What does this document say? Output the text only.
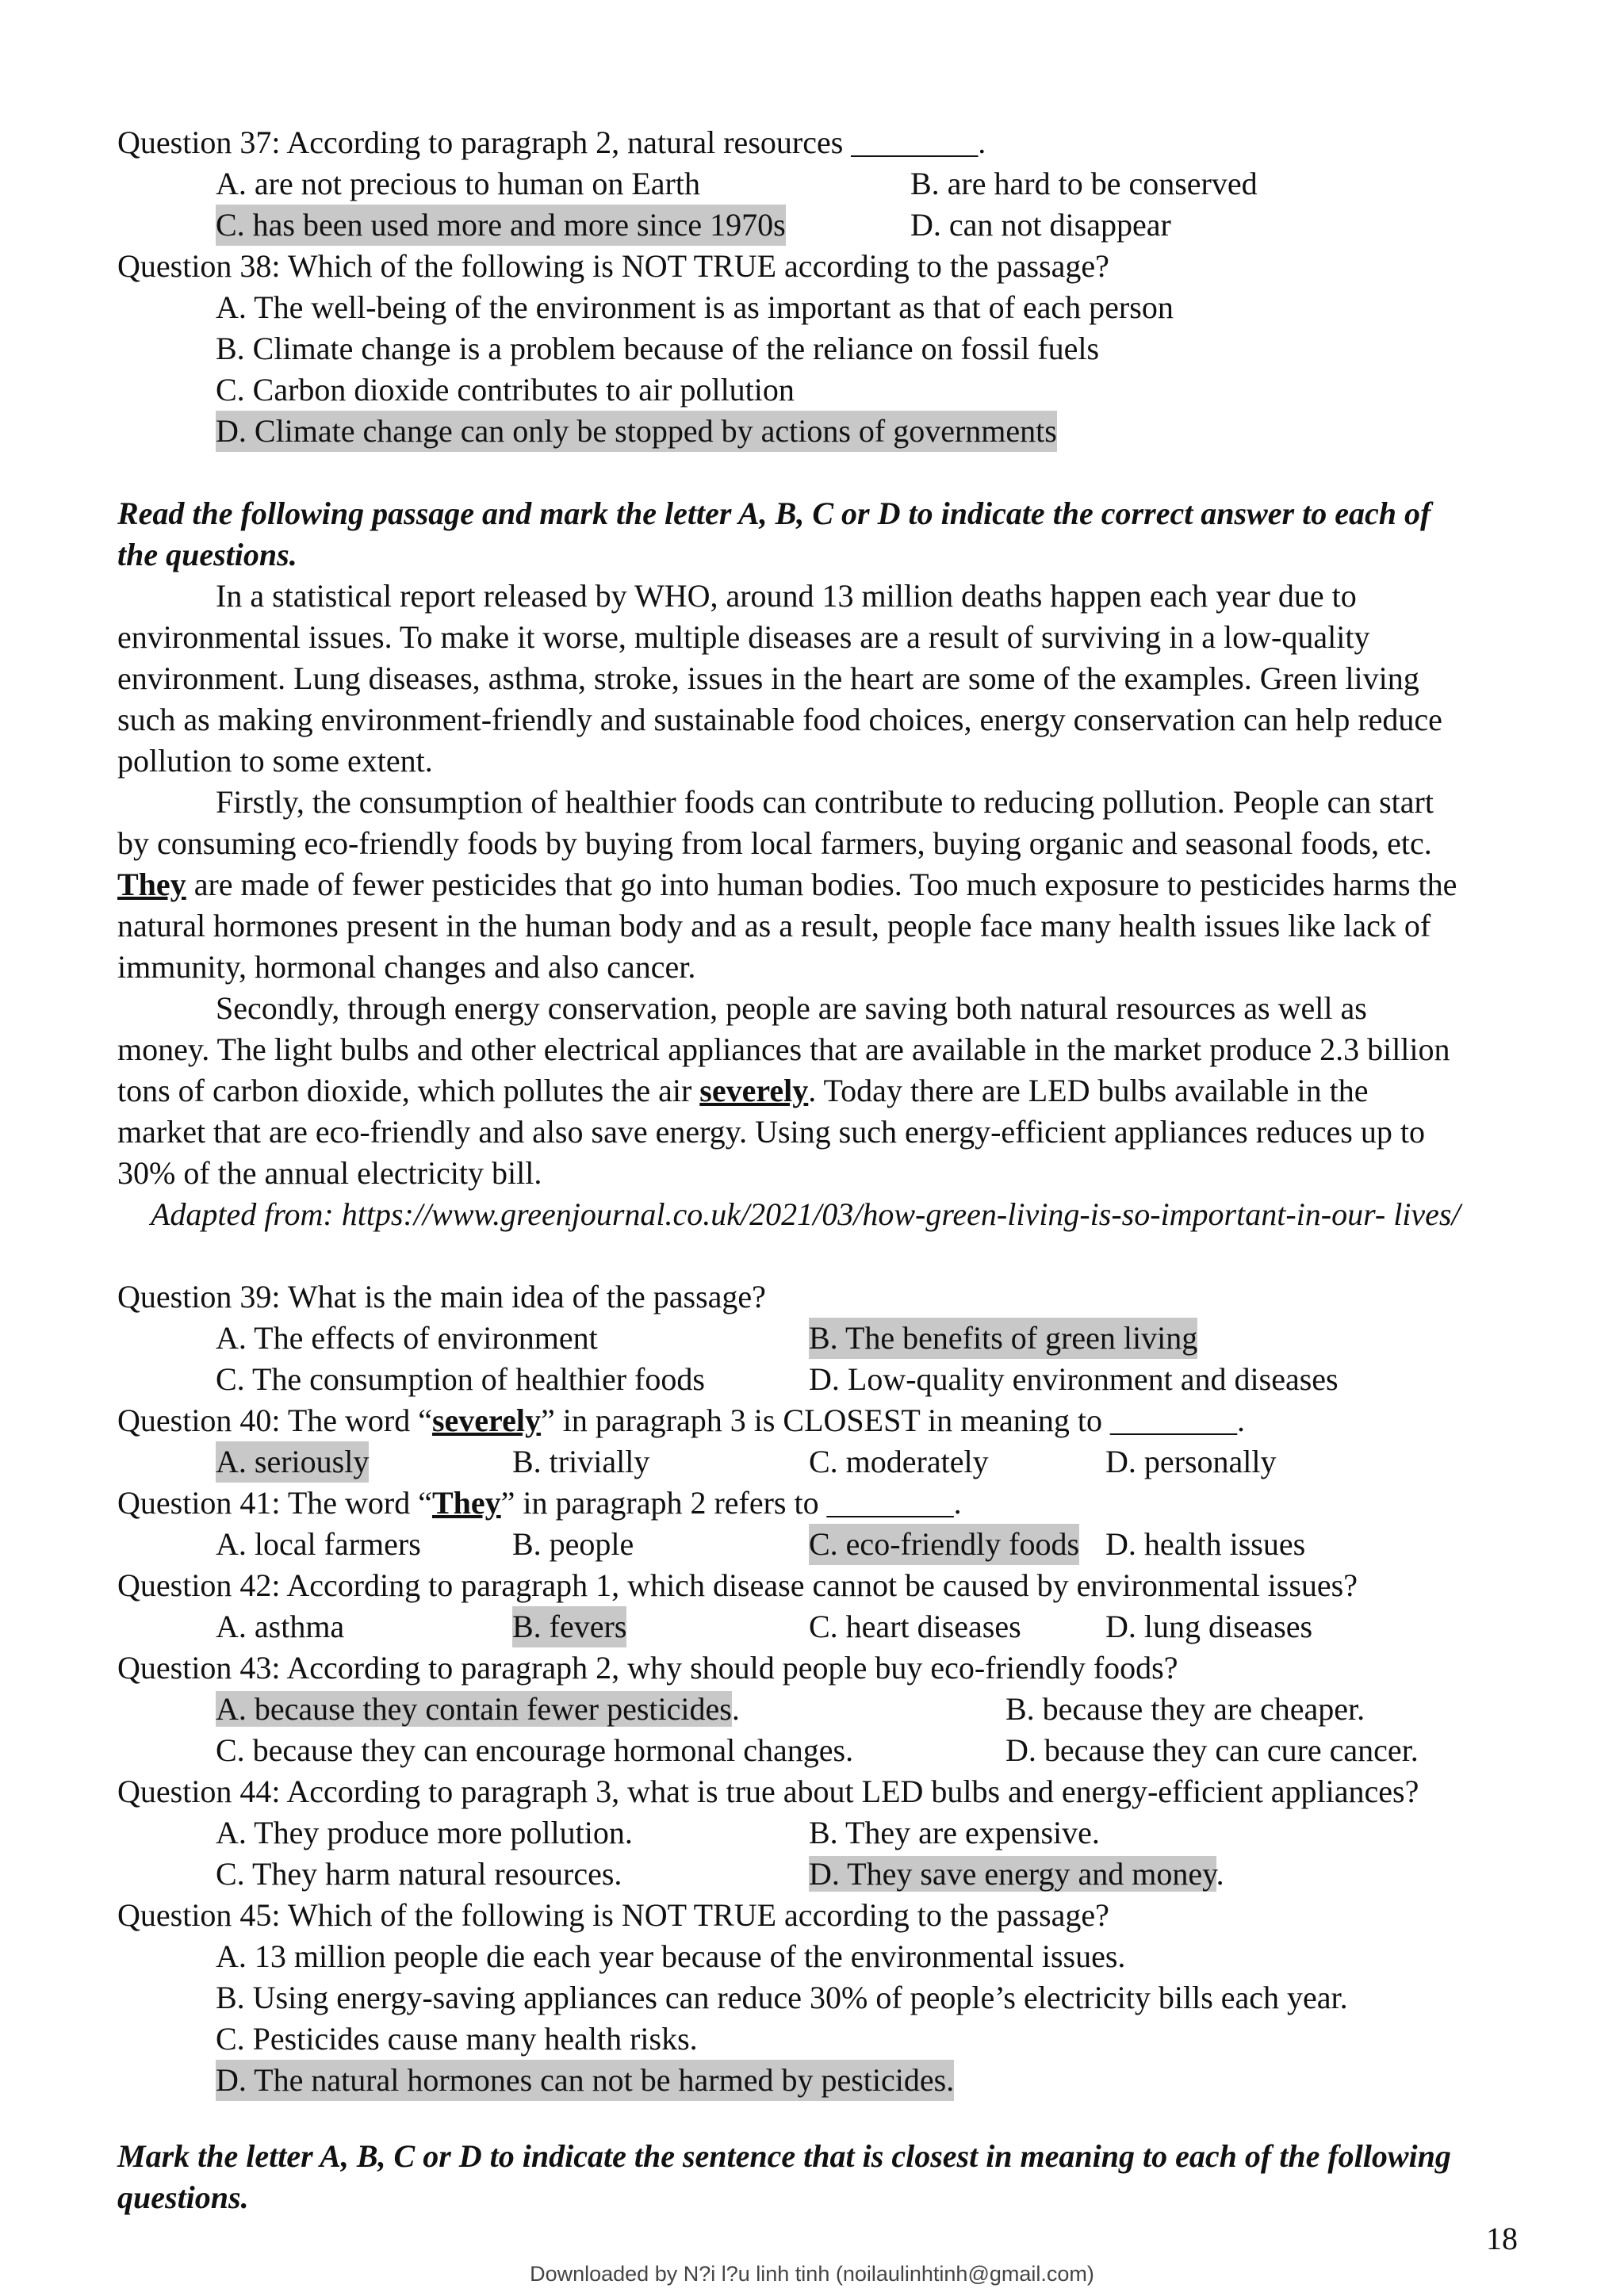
Question 37: According to paragraph 2, natural resources ________.
A. are not precious to human on Earth	B. are hard to be conserved
C. has been used more and more since 1970s	D. can not disappear
Question 38: Which of the following is NOT TRUE according to the passage?
A. The well-being of the environment is as important as that of each person
B. Climate change is a problem because of the reliance on fossil fuels
C. Carbon dioxide contributes to air pollution
D. Climate change can only be stopped by actions of governments
Read the following passage and mark the letter A, B, C or D to indicate the correct answer to each of
the questions.
In a statistical report released by WHO, around 13 million deaths happen each year due to
environmental issues. To make it worse, multiple diseases are a result of surviving in a low-quality
environment. Lung diseases, asthma, stroke, issues in the heart are some of the examples. Green living
such as making environment-friendly and sustainable food choices, energy conservation can help reduce
pollution to some extent.
Firstly, the consumption of healthier foods can contribute to reducing pollution. People can start
by consuming eco-friendly foods by buying from local farmers, buying organic and seasonal foods, etc.
They are made of fewer pesticides that go into human bodies. Too much exposure to pesticides harms the
natural hormones present in the human body and as a result, people face many health issues like lack of
immunity, hormonal changes and also cancer.
Secondly, through energy conservation, people are saving both natural resources as well as
money. The light bulbs and other electrical appliances that are available in the market produce 2.3 billion
tons of carbon dioxide, which pollutes the air severely. Today there are LED bulbs available in the
market that are eco-friendly and also save energy. Using such energy-efficient appliances reduces up to
30% of the annual electricity bill.
Adapted from: https://www.greenjournal.co.uk/2021/03/how-green-living-is-so-important-in-our- lives/
Question 39: What is the main idea of the passage?
A. The effects of environment	B. The benefits of green living
C. The consumption of healthier foods	D. Low-quality environment and diseases
Question 40: The word “severely” in paragraph 3 is CLOSEST in meaning to ________.
A. seriously	B. trivially	C. moderately	D. personally
Question 41: The word “They” in paragraph 2 refers to ________.
A. local farmers	B. people	C. eco-friendly foods D. health issues
Question 42: According to paragraph 1, which disease cannot be caused by environmental issues?
A. asthma	B. fevers	C. heart diseases	D. lung diseases
Question 43: According to paragraph 2, why should people buy eco-friendly foods?
A. because they contain fewer pesticides.	B. because they are cheaper.
C. because they can encourage hormonal changes.	D. because they can cure cancer.
Question 44: According to paragraph 3, what is true about LED bulbs and energy-efficient appliances?
A. They produce more pollution.	B. They are expensive.
C. They harm natural resources.	D. They save energy and money.
Question 45: Which of the following is NOT TRUE according to the passage?
A. 13 million people die each year because of the environmental issues.
B. Using energy-saving appliances can reduce 30% of people’s electricity bills each year.
C. Pesticides cause many health risks.
D. The natural hormones can not be harmed by pesticides.
Mark the letter A, B, C or D to indicate the sentence that is closest in meaning to each of the following
questions.
18
Downloaded by N?i l?u linh tinh (noilaulinhtinh@gmail.com)
